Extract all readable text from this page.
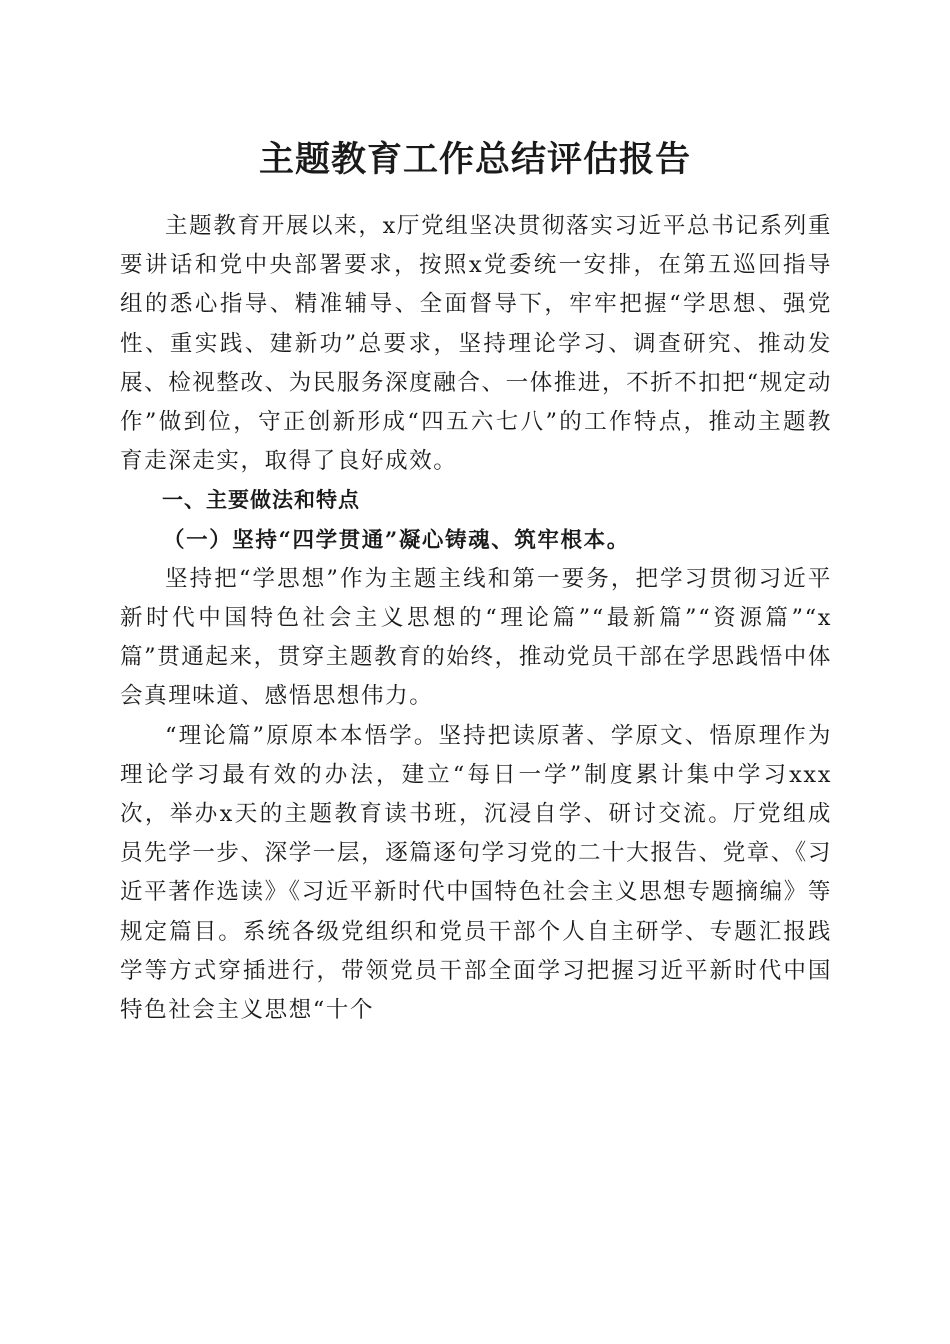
主题教育工作总结评估报告

主题教育开展以来，x厅党组坚决贯彻落实习近平总书记系列重要讲话和党中央部署要求，按照x党委统一安排，在第五巡回指导组的悉心指导、精准辅导、全面督导下，牢牢把握“学思想、强党性、重实践、建新功”总要求，坚持理论学习、调查研究、推动发展、检视整改、为民服务深度融合、一体推进，不折不扣把“规定动作”做到位，守正创新形成“四五六七八”的工作特点，推动主题教育走深走实，取得了良好成效。

一、主要做法和特点

（一）坚持“四学贯通”凝心铸魂、筑牢根本。

坚持把“学思想”作为主题主线和第一要务，把学习贯彻习近平新时代中国特色社会主义思想的“理论篇”“最新篇”“资源篇”“x篇”贯通起来，贯穿主题教育的始终，推动党员干部在学思践悟中体会真理味道、感悟思想伟力。

“理论篇”原原本本悟学。坚持把读原著、学原文、悟原理作为理论学习最有效的办法，建立“每日一学”制度累计集中学习xxx次，举办x天的主题教育读书班，沉浸自学、研讨交流。厅党组成员先学一步、深学一层，逐篇逐句学习党的二十大报告、党章、《习近平著作选读》《习近平新时代中国特色社会主义思想专题摘编》等规定篇目。系统各级党组织和党员干部个人自主研学、专题汇报践学等方式穿插进行，带领党员干部全面学习把握习近平新时代中国特色社会主义思想“十个
